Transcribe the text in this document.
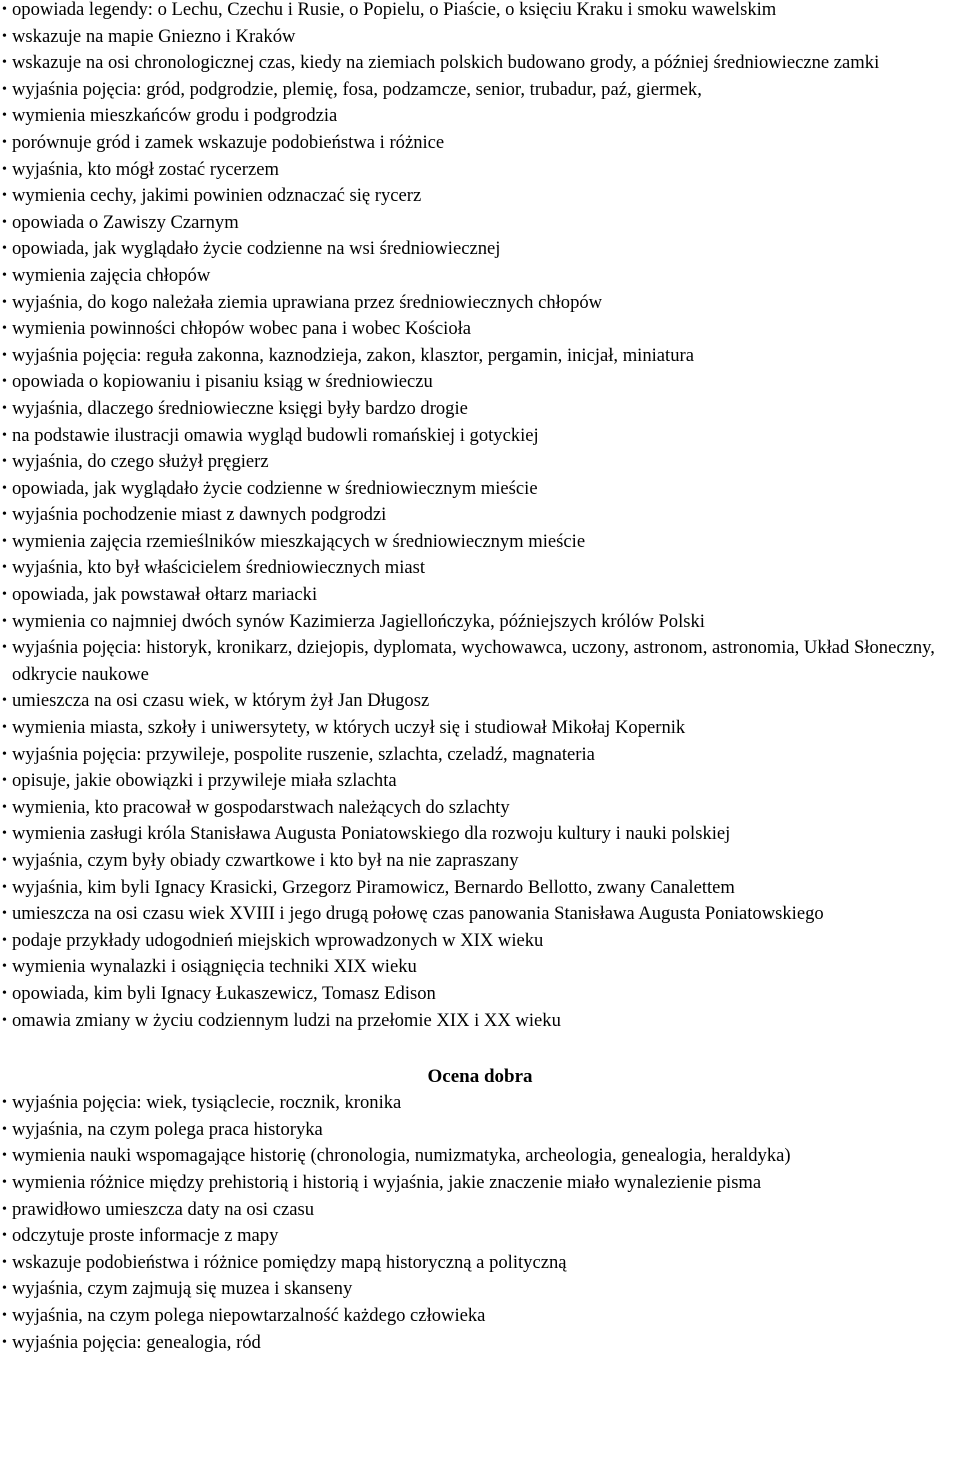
• opowiada legendy: o Lechu, Czechu i Rusie, o Popielu, o Piaście, o księciu Kraku i smoku wawelskim
• wskazuje na mapie Gniezno i Kraków
• wskazuje na osi chronologicznej czas, kiedy na ziemiach polskich budowano grody, a później średniowieczne zamki
• wyjaśnia pojęcia: gród, podgrodzie, plemię, fosa, podzamcze, senior, trubadur, paź, giermek,
• wymienia mieszkańców grodu i podgrodzia
• porównuje gród i zamek wskazuje podobieństwa i różnice
• wyjaśnia, kto mógł zostać rycerzem
• wymienia cechy, jakimi powinien odznaczać się rycerz
• opowiada o Zawiszy Czarnym
• opowiada, jak wyglądało życie codzienne na wsi średniowiecznej
• wymienia zajęcia chłopów
• wyjaśnia, do kogo należała ziemia uprawiana przez średniowiecznych chłopów
• wymienia powinności chłopów wobec pana i wobec Kościoła
• wyjaśnia pojęcia: reguła zakonna, kaznodzieja, zakon, klasztor, pergamin, inicjał, miniatura
• opowiada o kopiowaniu i pisaniu ksiąg w średniowieczu
• wyjaśnia, dlaczego średniowieczne księgi były bardzo drogie
• na podstawie ilustracji omawia wygląd budowli romańskiej i gotyckiej
• wyjaśnia, do czego służył pręgierz
• opowiada, jak wyglądało życie codzienne w średniowiecznym mieście
• wyjaśnia pochodzenie miast z dawnych podgrodzi
• wymienia zajęcia rzemieślników mieszkających w średniowiecznym mieście
• wyjaśnia, kto był właścicielem średniowiecznych miast
• opowiada, jak powstawał ołtarz mariacki
• wymienia co najmniej dwóch synów Kazimierza Jagiellończyka, późniejszych królów Polski
• wyjaśnia pojęcia: historyk, kronikarz, dziejopis, dyplomata, wychowawca, uczony, astronom, astronomia, Układ Słoneczny, odkrycie naukowe
• umieszcza na osi czasu wiek, w którym żył Jan Długosz
• wymienia miasta, szkoły i uniwersytety, w których uczył się i studiował Mikołaj Kopernik
• wyjaśnia pojęcia: przywileje, pospolite ruszenie, szlachta, czeladź, magnateria
• opisuje, jakie obowiązki i przywileje miała szlachta
• wymienia, kto pracował w gospodarstwach należących do szlachty
• wymienia zasługi króla Stanisława Augusta Poniatowskiego dla rozwoju kultury i nauki polskiej
• wyjaśnia, czym były obiady czwartkowe i kto był na nie zapraszany
• wyjaśnia, kim byli Ignacy Krasicki, Grzegorz Piramowicz, Bernardo Bellotto, zwany Canalettem
• umieszcza na osi czasu wiek XVIII i jego drugą połowę czas panowania Stanisława Augusta Poniatowskiego
• podaje przykłady udogodnień miejskich wprowadzonych w XIX wieku
• wymienia wynalazki i osiągnięcia techniki XIX wieku
• opowiada, kim byli Ignacy Łukaszewicz, Tomasz Edison
• omawia zmiany w życiu codziennym ludzi na przełomie XIX i XX wieku
Ocena dobra
• wyjaśnia pojęcia: wiek, tysiąclecie, rocznik, kronika
• wyjaśnia, na czym polega praca historyka
• wymienia nauki wspomagające historię (chronologia, numizmatyka, archeologia, genealogia, heraldyka)
• wymienia różnice między prehistorią i historią i wyjaśnia, jakie znaczenie miało wynalezienie pisma
• prawidłowo umieszcza daty na osi czasu
• odczytuje proste informacje z mapy
• wskazuje podobieństwa i różnice pomiędzy mapą historyczną a polityczną
• wyjaśnia, czym zajmują się muzea i skanseny
• wyjaśnia, na czym polega niepowtarzalność każdego człowieka
• wyjaśnia pojęcia: genealogia, ród
